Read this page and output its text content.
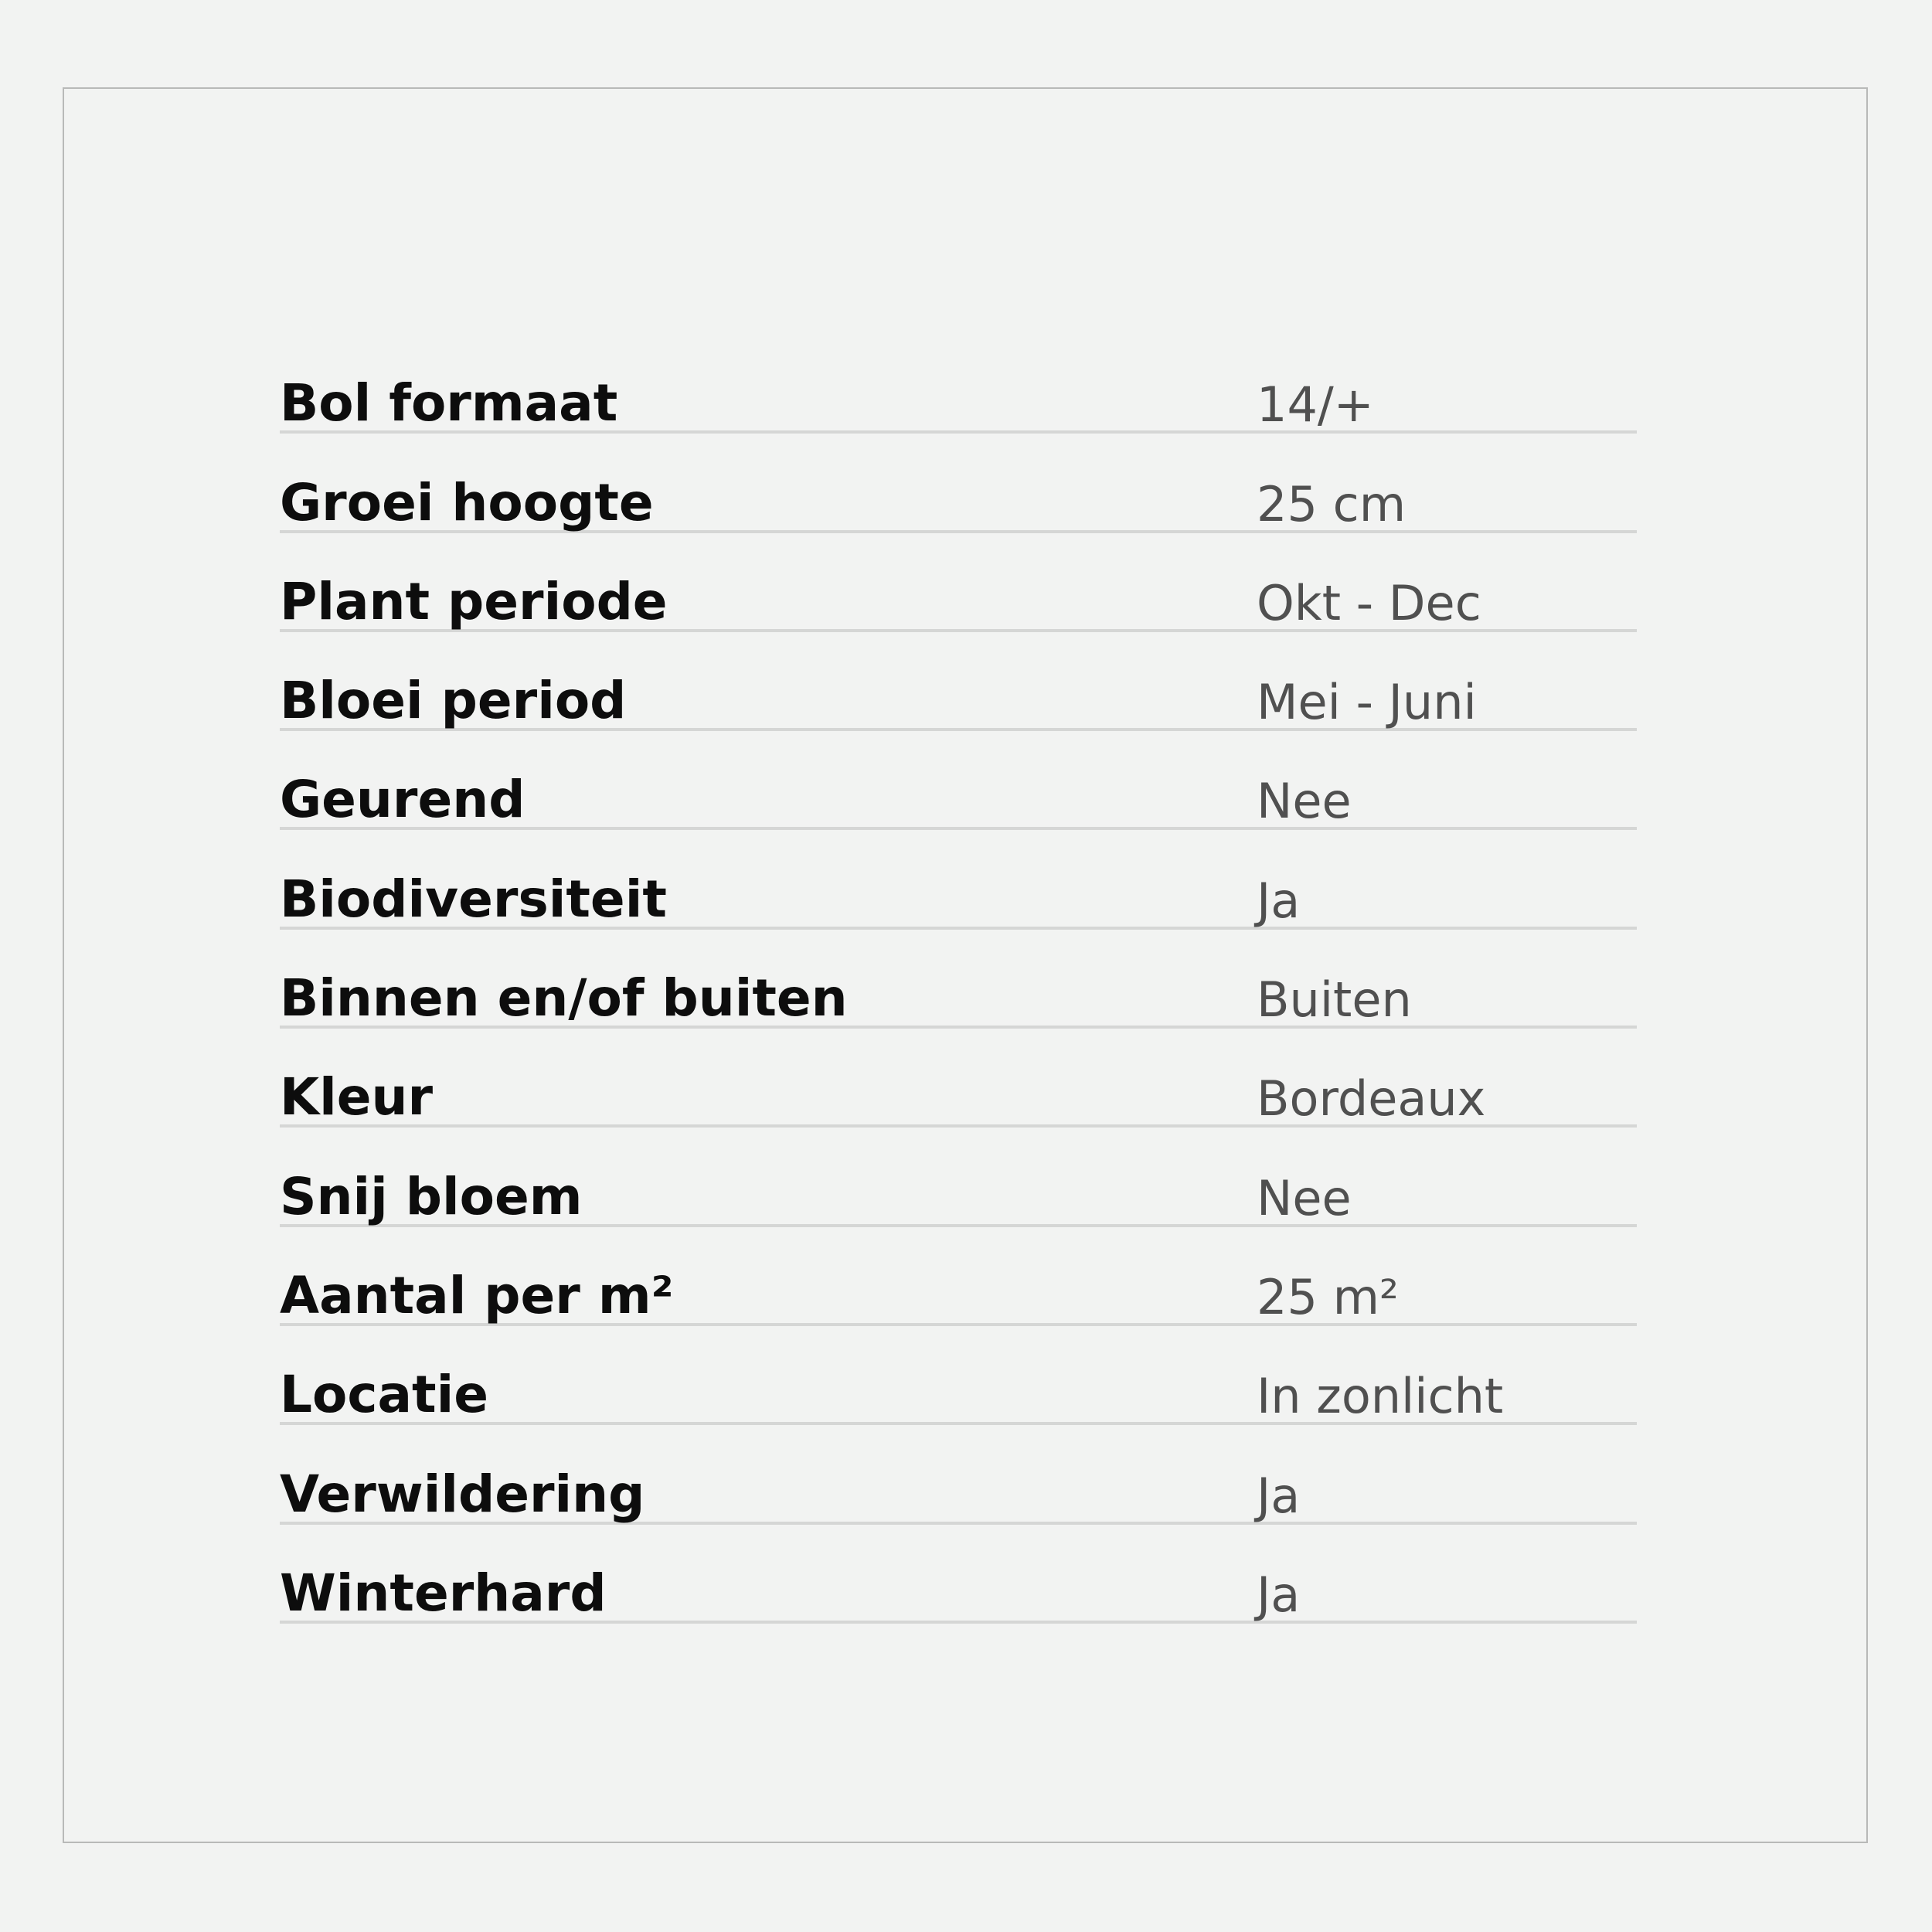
Bol formaat	14/+
Groei hoogte	25 cm
Plant periode	Okt - Dec
Bloei period	Mei - Juni
Geurend	Nee
Biodiversiteit	Ja
Binnen en/of buiten	Buiten
Kleur	Bordeaux
Snij bloem	Nee
Aantal per m²	25 m²
Locatie	In zonlicht
Verwildering	Ja
Winterhard	Ja
